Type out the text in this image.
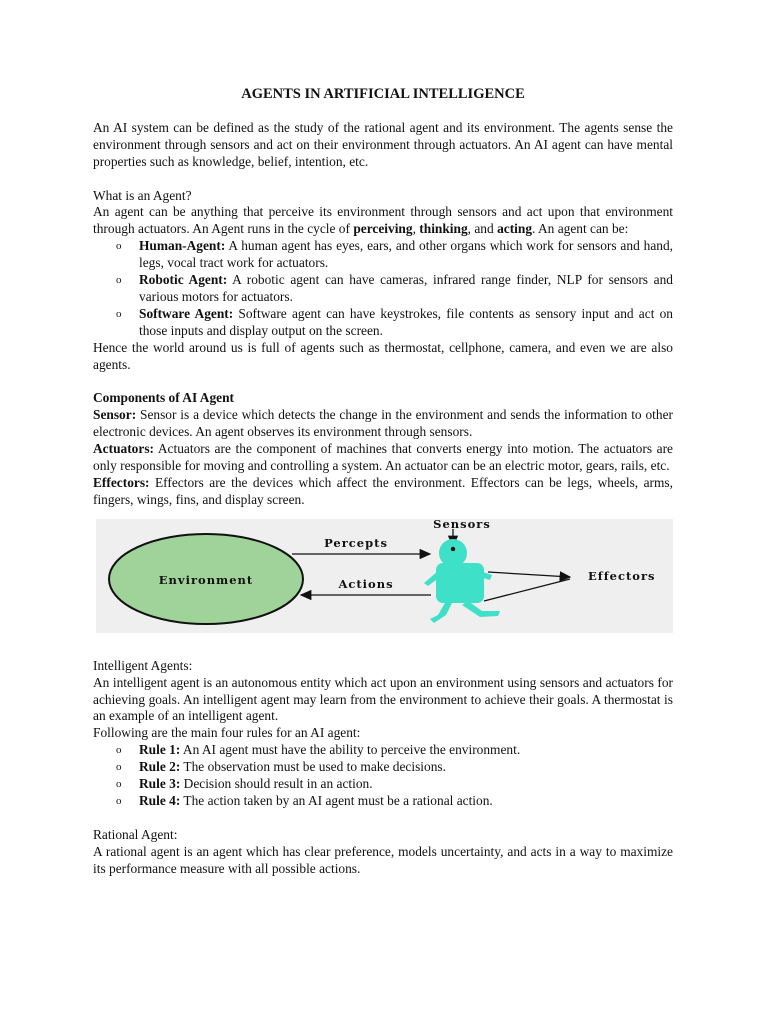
AGENTS IN ARTIFICIAL INTELLIGENCE

An AI system can be defined as the study of the rational agent and its environment. The agents sense the environment through sensors and act on their environment through actuators. An AI agent can have mental properties such as knowledge, belief, intention, etc.

What is an Agent?

An agent can be anything that perceive its environment through sensors and act upon that environment through actuators. An Agent runs in the cycle of perceiving, thinking, and acting. An agent can be:

o Human-Agent: A human agent has eyes, ears, and other organs which work for sensors and hand, legs, vocal tract work for actuators.
o Robotic Agent: A robotic agent can have cameras, infrared range finder, NLP for sensors and various motors for actuators.
o Software Agent: Software agent can have keystrokes, file contents as sensory input and act on those inputs and display output on the screen.

Hence the world around us is full of agents such as thermostat, cellphone, camera, and even we are also agents.

Components of AI Agent

Sensor: Sensor is a device which detects the change in the environment and sends the information to other electronic devices. An agent observes its environment through sensors.

Actuators: Actuators are the component of machines that converts energy into motion. The actuators are only responsible for moving and controlling a system. An actuator can be an electric motor, gears, rails, etc.

Effectors: Effectors are the devices which affect the environment. Effectors can be legs, wheels, arms, fingers, wings, fins, and display screen.

Environment
Percepts
Actions
Sensors
Effectors

Intelligent Agents:

An intelligent agent is an autonomous entity which act upon an environment using sensors and actuators for achieving goals. An intelligent agent may learn from the environment to achieve their goals. A thermostat is an example of an intelligent agent.

Following are the main four rules for an AI agent:

o Rule 1: An AI agent must have the ability to perceive the environment.
o Rule 2: The observation must be used to make decisions.
o Rule 3: Decision should result in an action.
o Rule 4: The action taken by an AI agent must be a rational action.

Rational Agent:

A rational agent is an agent which has clear preference, models uncertainty, and acts in a way to maximize its performance measure with all possible actions.
